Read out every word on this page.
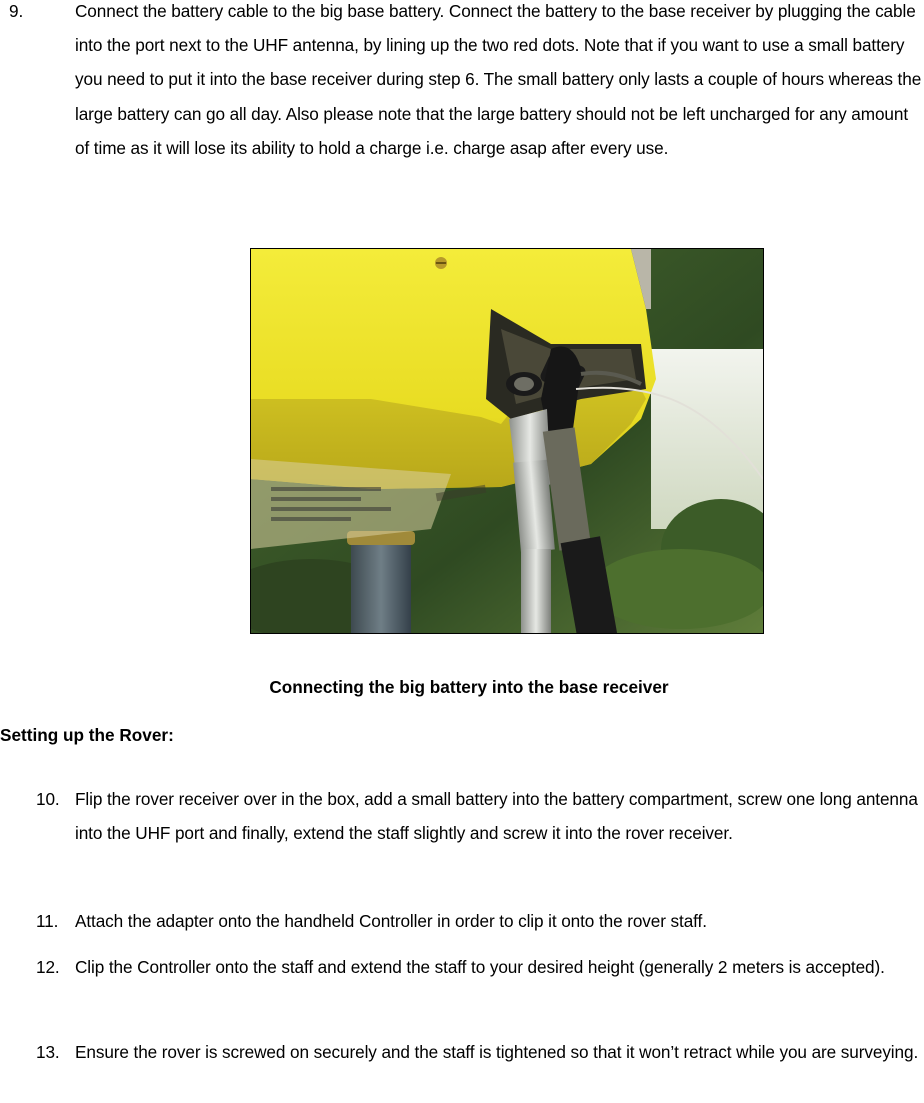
9.	Connect the battery cable to the big base battery. Connect the battery to the base receiver by plugging the cable into the port next to the UHF antenna, by lining up the two red dots. Note that if you want to use a small battery you need to put it into the base receiver during step 6. The small battery only lasts a couple of hours whereas the large battery can go all day. Also please note that the large battery should not be left uncharged for any amount of time as it will lose its ability to hold a charge i.e. charge asap after every use.
Connecting the big battery into the base receiver
Setting up the Rover:
10. Flip the rover receiver over in the box, add a small battery into the battery compartment, screw one long antenna into the UHF port and finally, extend the staff slightly and screw it into the rover receiver.
11. Attach the adapter onto the handheld Controller in order to clip it onto the rover staff.
12. Clip the Controller onto the staff and extend the staff to your desired height (generally 2 meters is accepted).
13. Ensure the rover is screwed on securely and the staff is tightened so that it won’t retract while you are surveying.
